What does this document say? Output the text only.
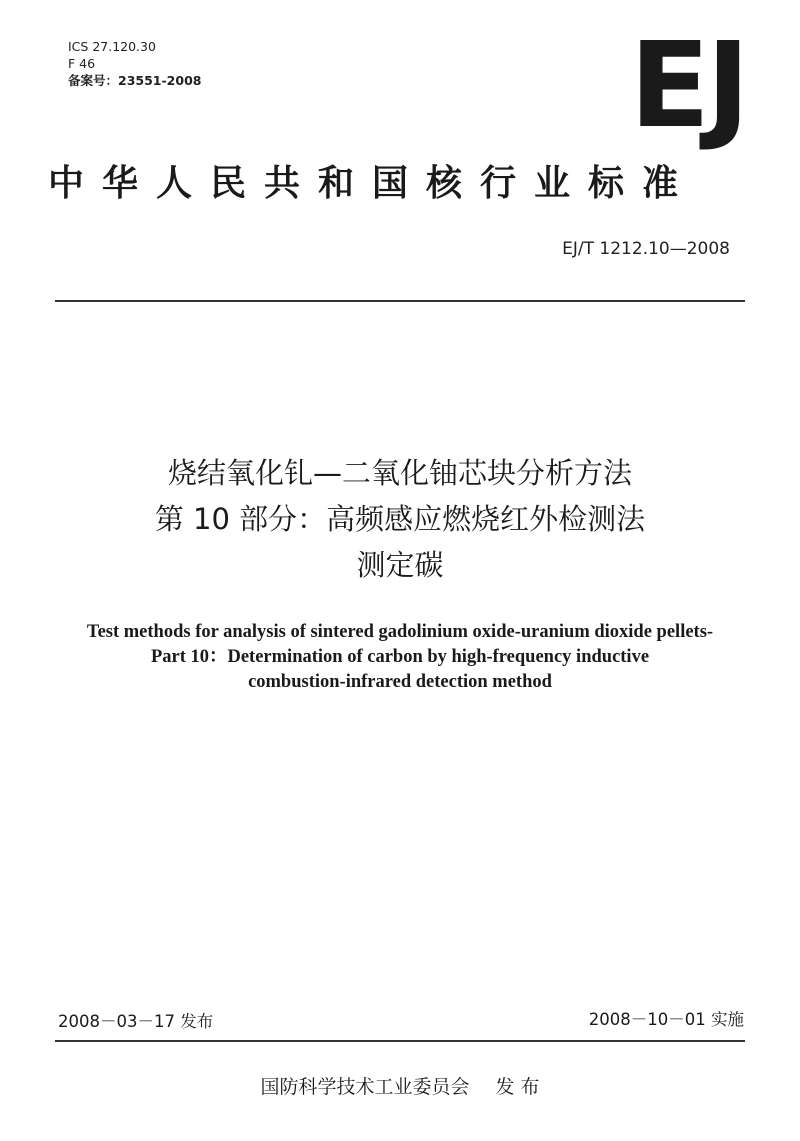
ICS 27.120.30
F 46
备案号：23551-2008	EJ
中华人民共和国核行业标准
EJ/T 1212.10—2008
烧结氧化钆—二氧化铀芯块分析方法
第 10 部分：高频感应燃烧红外检测法
测定碳
Test methods for analysis of sintered gadolinium oxide-uranium dioxide pellets-
Part 10：Determination of carbon by high-frequency inductive
combustion-infrared detection method
2008－03－17 发布	2008－10－01 实施
国防科学技术工业委员会 发 布
